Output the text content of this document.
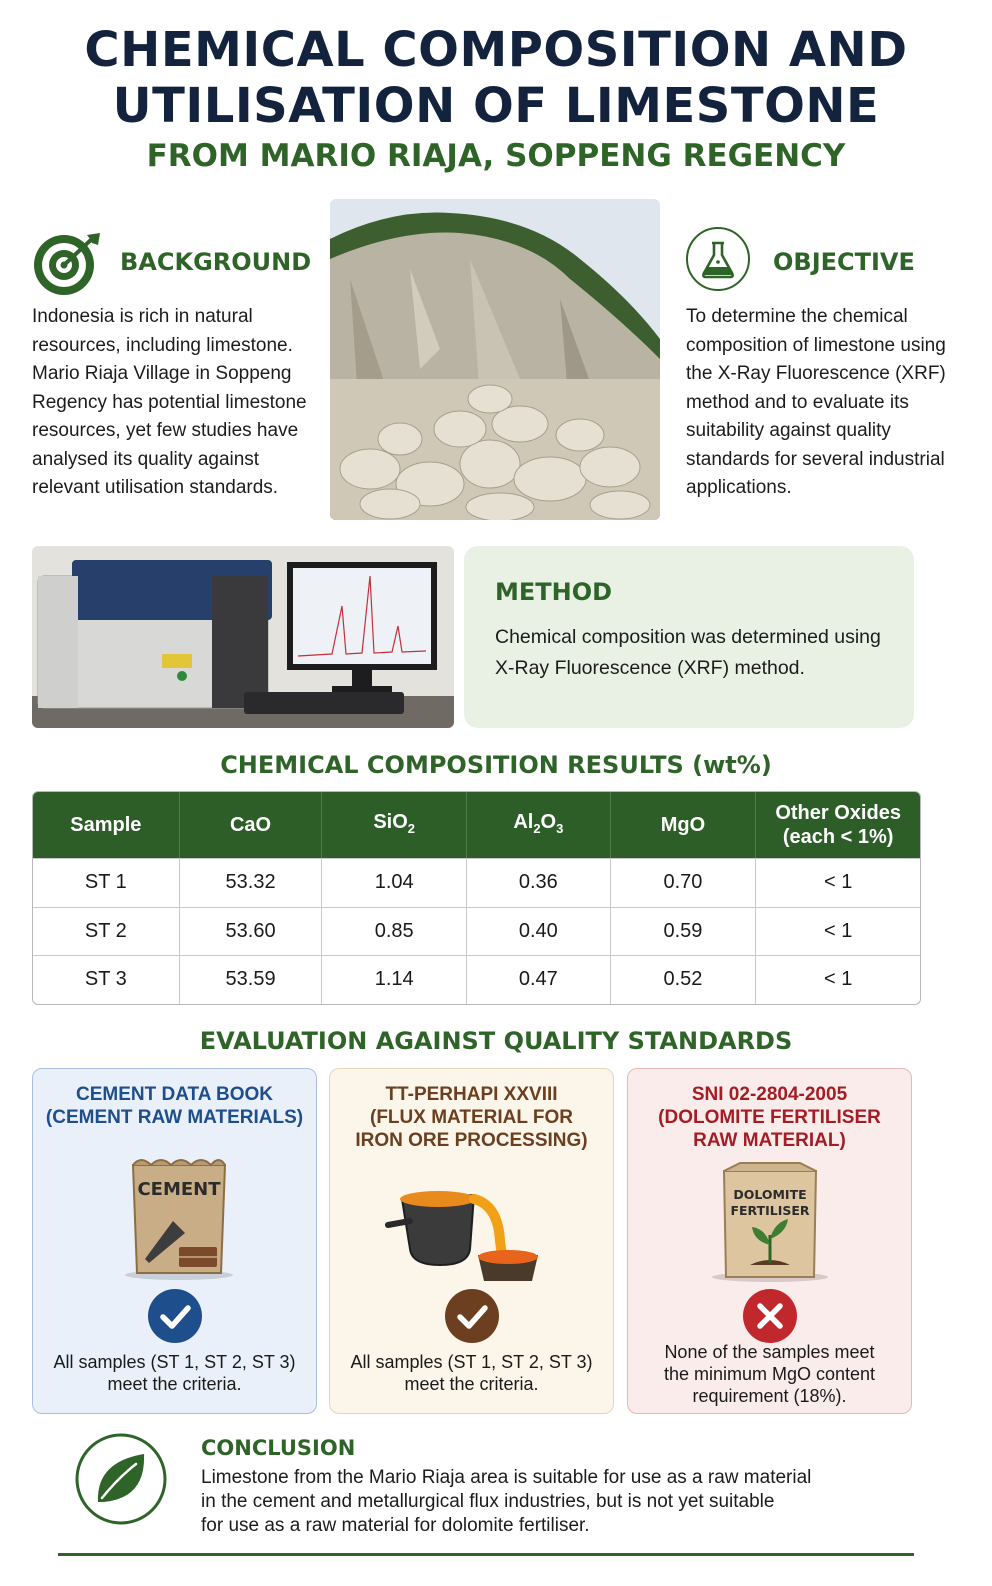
CHEMICAL COMPOSITION AND
UTILISATION OF LIMESTONE
FROM MARIO RIAJA, SOPPENG REGENCY
BACKGROUND
Indonesia is rich in natural resources, including limestone. Mario Riaja Village in Soppeng Regency has potential limestone resources, yet few studies have analysed its quality against relevant utilisation standards.
OBJECTIVE
To determine the chemical composition of limestone using the X-Ray Fluorescence (XRF) method and to evaluate its suitability against quality standards for several industrial applications.
METHOD
Chemical composition was determined using X-Ray Fluorescence (XRF) method.
CHEMICAL COMPOSITION RESULTS (wt%)
Sample	CaO	SiO$_2$	$Al_2O_3$	MgO	Other Oxides
(each < 1%)

ST 1	53.32	1.04	0.36	0.70	< 1
ST 2	53.60	0.85	0.40	0.59	< 1
ST 3	53.59	1.14	0.47	0.52	< 1
EVALUATION AGAINST QUALITY STANDARDS
CEMENT DATA BOOK
(CEMENT RAW MATERIALS)
CEMENT
All samples (ST 1, ST 2, ST 3)
meet the criteria.
TT-PERHAPI XXVIII
(FLUX MATERIAL FOR
IRON ORE PROCESSING)
All samples (ST 1, ST 2, ST 3)
meet the criteria.
SNI 02-2804-2005
(DOLOMITE FERTILISER
RAW MATERIAL)
DOLOMITE
FERTILISER
None of the samples meet
the minimum MgO content
requirement (18%).
CONCLUSION
Limestone from the Mario Riaja area is suitable for use as a raw material
in the cement and metallurgical flux industries, but is not yet suitable
for use as a raw material for dolomite fertiliser.
